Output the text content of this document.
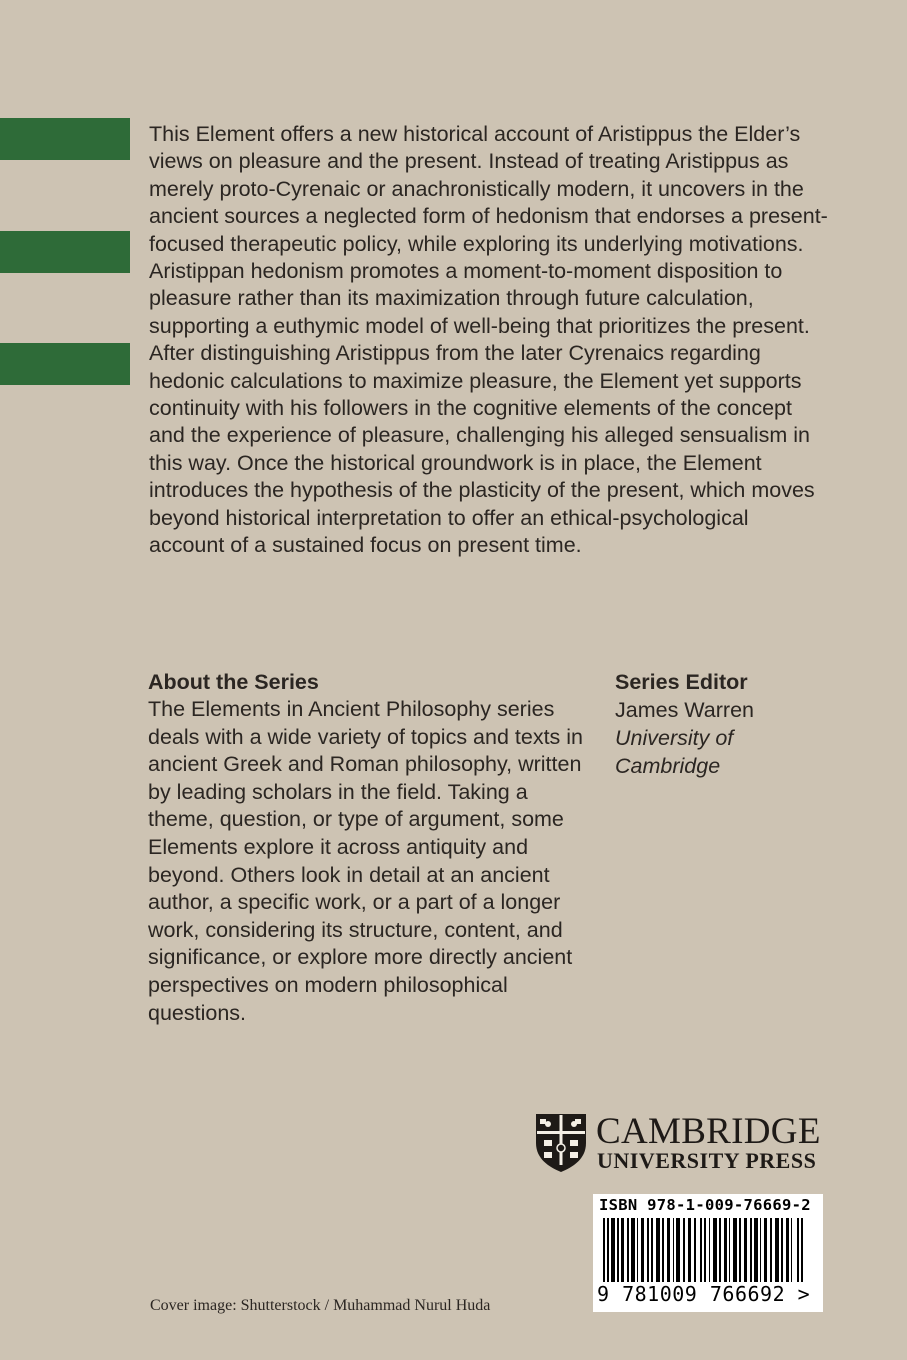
This Element offers a new historical account of Aristippus the Elder’s views on pleasure and the present. Instead of treating Aristippus as merely proto-Cyrenaic or anachronistically modern, it uncovers in the ancient sources a neglected form of hedonism that endorses a present-focused therapeutic policy, while exploring its underlying motivations. Aristippan hedonism promotes a moment-to-moment disposition to pleasure rather than its maximization through future calculation, supporting a euthymic model of well-being that prioritizes the present. After distinguishing Aristippus from the later Cyrenaics regarding hedonic calculations to maximize pleasure, the Element yet supports continuity with his followers in the cognitive elements of the concept and the experience of pleasure, challenging his alleged sensualism in this way. Once the historical groundwork is in place, the Element introduces the hypothesis of the plasticity of the present, which moves beyond historical interpretation to offer an ethical-psychological account of a sustained focus on present time.

About the Series

The Elements in Ancient Philosophy series deals with a wide variety of topics and texts in ancient Greek and Roman philosophy, written by leading scholars in the field. Taking a theme, question, or type of argument, some Elements explore it across antiquity and beyond. Others look in detail at an ancient author, a specific work, or a part of a longer work, considering its structure, content, and significance, or explore more directly ancient perspectives on modern philosophical questions.

Series Editor
James Warren
University of
Cambridge
CAMBRIDGE
UNIVERSITY PRESS
ISBN 978-1-009-76669-2
9 781009 766692 >
Cover image: Shutterstock / Muhammad Nurul Huda
